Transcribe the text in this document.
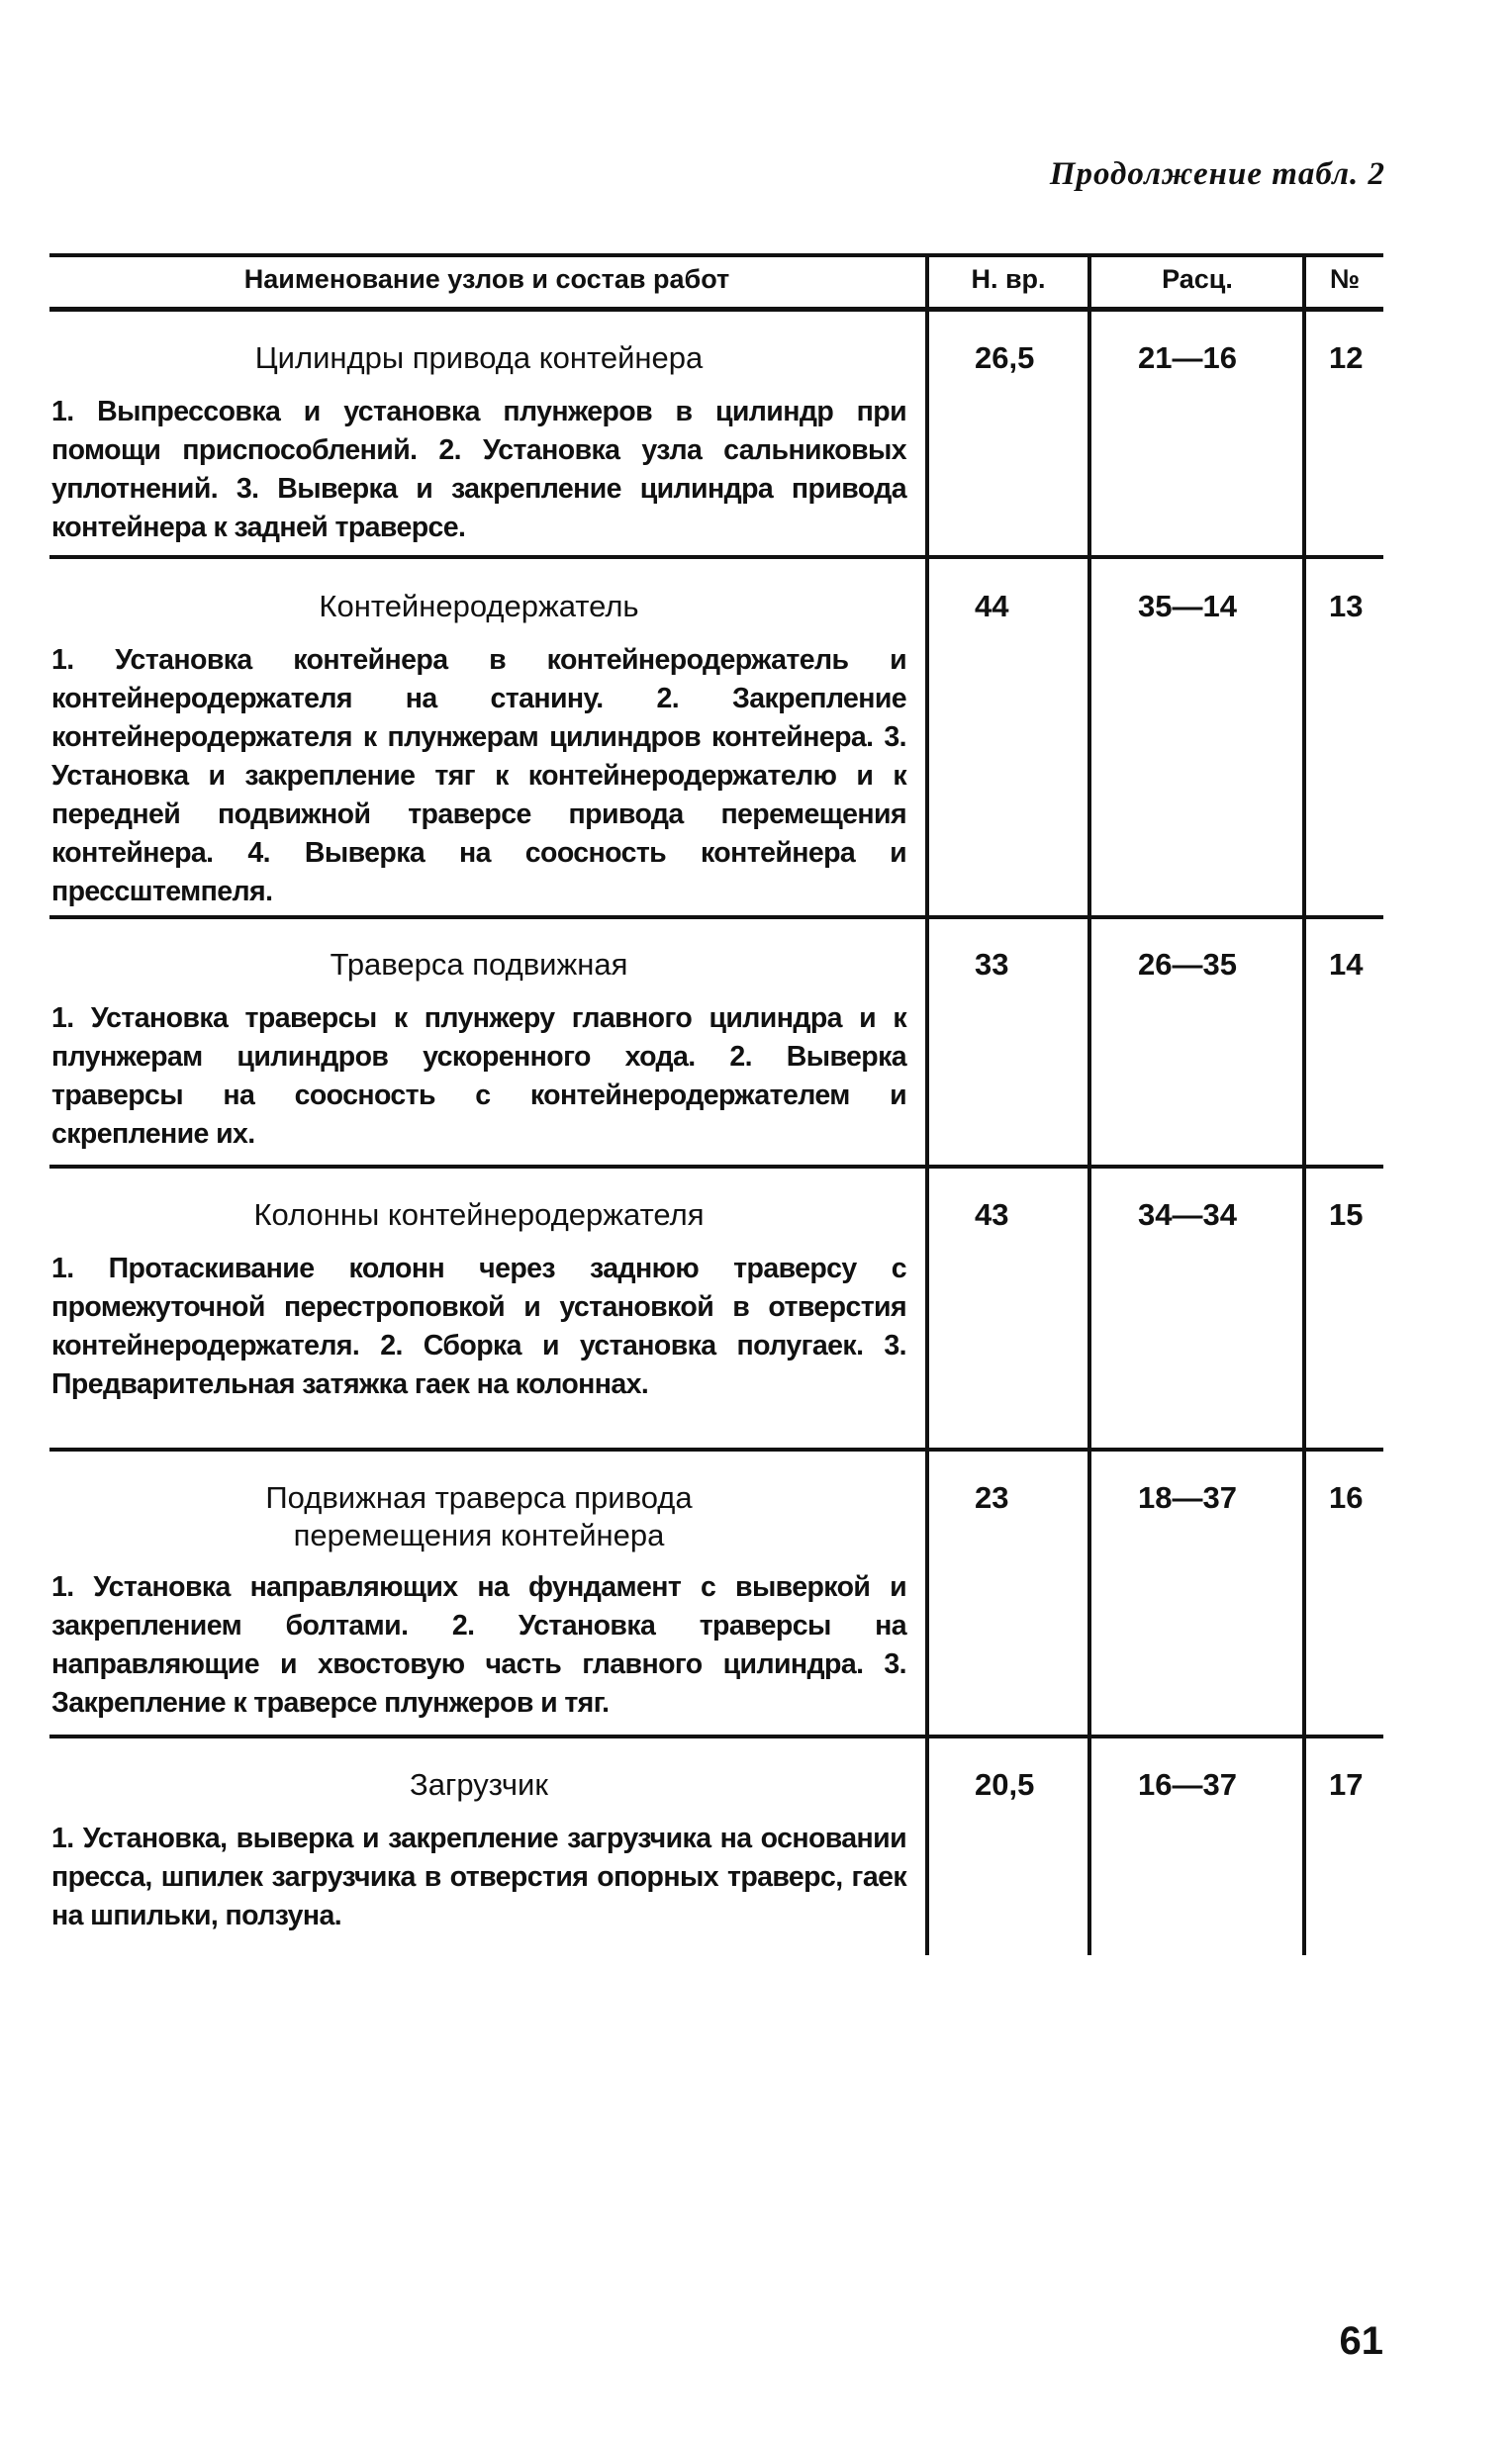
Продолжение табл. 2
Наименование узлов и состав работ	Н. вр.	Расц.	№
Цилиндры привода контейнера
1. Выпрессовка и установка плунжеров в цилиндр при помощи приспособлений. 2. Установка узла сальниковых уплотнений. 3. Выверка и закрепление цилиндра привода контейнера к задней траверсе.
26,5	21—16	12
Контейнеродержатель
1. Установка контейнера в контейнеродержатель и контейнеродержателя на станину. 2. Закрепление контейнеродержателя к плунжерам цилиндров контейнера. 3. Установка и закрепление тяг к контейнеродержателю и к передней подвижной траверсе привода перемещения контейнера. 4. Выверка на соосность контейнера и прессштемпеля.
44	35—14	13
Траверса подвижная
1. Установка траверсы к плунжеру главного цилиндра и к плунжерам цилиндров ускоренного хода. 2. Выверка траверсы на соосность с контейнеродержателем и скрепление их.
33	26—35	14
Колонны контейнеродержателя
1. Протаскивание колонн через заднюю траверсу с промежуточной перестроповкой и установкой в отверстия контейнеродержателя. 2. Сборка и установка полугаек. 3. Предварительная затяжка гаек на колоннах.
43	34—34	15
Подвижная траверса привода
перемещения контейнера
1. Установка направляющих на фундамент с выверкой и закреплением болтами. 2. Установка траверсы на направляющие и хвостовую часть главного цилиндра. 3. Закрепление к траверсе плунжеров и тяг.
23	18—37	16
Загрузчик
1. Установка, выверка и закрепление загрузчика на основании пресса, шпилек загрузчика в отверстия опорных траверс, гаек на шпильки, ползуна.
20,5	16—37	17
61
